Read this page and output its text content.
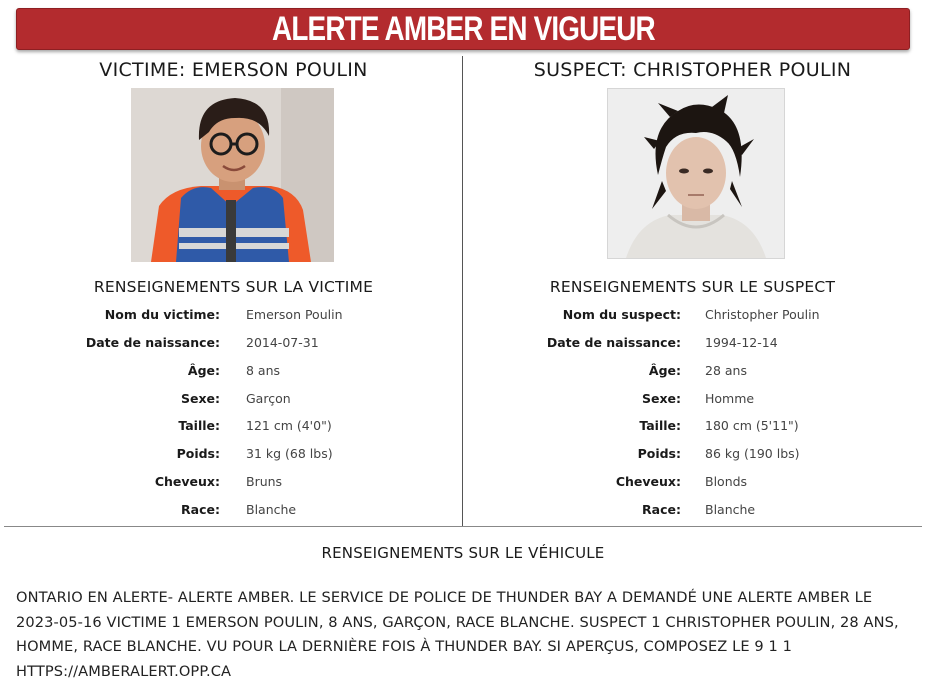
ALERTE AMBER EN VIGUEUR
VICTIME: EMERSON POULIN
RENSEIGNEMENTS SUR LA VICTIME
Nom du victime: Emerson Poulin
Date de naissance: 2014-07-31
Âge: 8 ans
Sexe: Garçon
Taille: 121 cm (4'0")
Poids: 31 kg (68 lbs)
Cheveux: Bruns
Race: Blanche
SUSPECT: CHRISTOPHER POULIN
RENSEIGNEMENTS SUR LE SUSPECT
Nom du suspect: Christopher Poulin
Date de naissance: 1994-12-14
Âge: 28 ans
Sexe: Homme
Taille: 180 cm (5'11")
Poids: 86 kg (190 lbs)
Cheveux: Blonds
Race: Blanche
RENSEIGNEMENTS SUR LE VÉHICULE
ONTARIO EN ALERTE- ALERTE AMBER. LE SERVICE DE POLICE DE THUNDER BAY A DEMANDÉ UNE ALERTE AMBER LE 2023-05-16 VICTIME 1 EMERSON POULIN, 8 ANS, GARÇON, RACE BLANCHE. SUSPECT 1 CHRISTOPHER POULIN, 28 ANS, HOMME, RACE BLANCHE. VU POUR LA DERNIÈRE FOIS À THUNDER BAY. SI APERÇUS, COMPOSEZ LE 9 1 1 HTTPS://AMBERALERT.OPP.CA
